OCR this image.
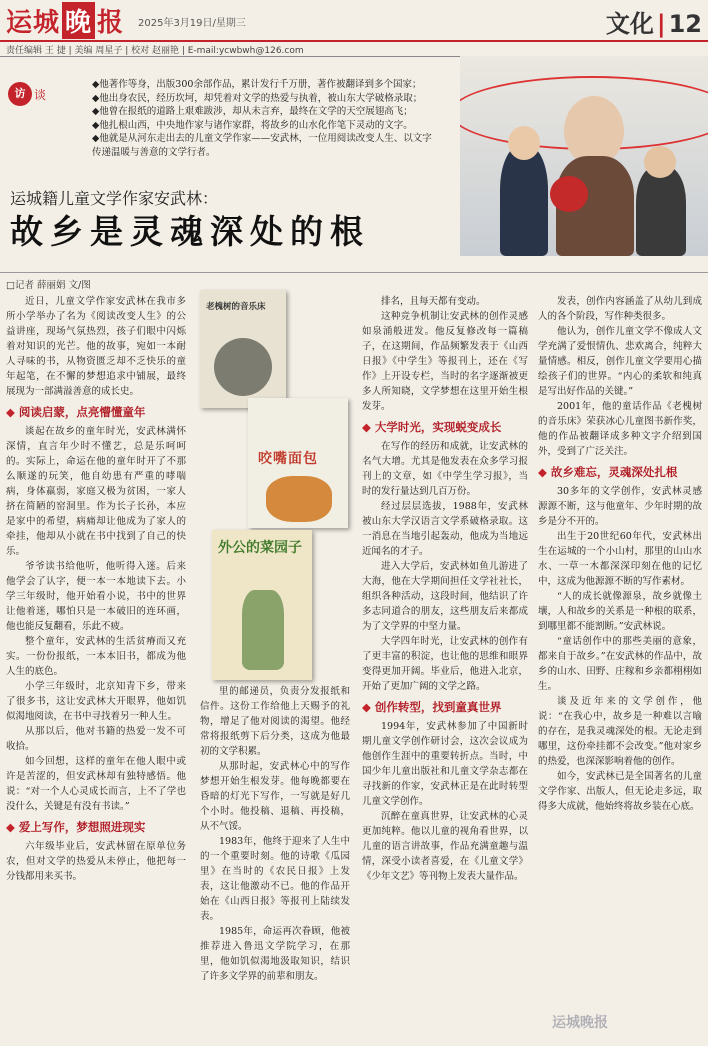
运城 晚 报 2025年3月19日/星期三	文化 | 12
责任编辑 王 捷 | 美编 周星子 | 校对 赵丽艳 | E-mail:ycwbwh@126.com
访 谈
◆他著作等身，出版300余部作品，累计发行千万册，著作被翻译到多个国家；
◆他出身农民，经历坎坷，却凭着对文学的热爱与执着，被山东大学破格录取；
◆他曾在报纸的道路上艰难跋涉，却从未言弃，最终在文学的天空展翅高飞；
◆他扎根山西，中央地作家与诸作家群，将故乡的山水化作笔下灵动的文字。
◆他就是从河东走出去的儿童文学作家——安武林，一位用阅读改变人生、以文字
传递温暖与善意的文学行者。
运城籍儿童文学作家安武林：
故乡是灵魂深处的根
□记者 薛丽娟 文/图

近日，儿童文学作家安武林在我市多所小学举办了名为《阅读改变人生》的公益讲座，现场气氛热烈，孩子们眼中闪烁着对知识的光芒。他的故事，宛如一本耐人寻味的书，从物资匮乏却不乏快乐的童年起笔，在不懈的梦想追求中铺展，最终展现为一部满溢善意的成长史。

◆ 阅读启蒙，点亮懵懂童年

谈起在故乡的童年时光，安武林满怀深情，直言年少时不懂艺，总是乐呵呵的。实际上，命运在他的童年时开了不那么顺遂的玩笑，他自幼患有严重的哮喘病，身体羸弱，家庭又极为贫困，一家人挤在简陋的窑洞里。作为长子长孙，本应是家中的希望，病痛却让他成为了家人的牵挂，他却从小就在书中找到了自己的快乐。

爷爷读书给他听，他听得入迷。后来他学会了认字，便一本一本地读下去。小学三年级时，他开始看小说，书中的世界让他着迷，哪怕只是一本破旧的连环画，他也能反复翻看，乐此不疲。

整个童年，安武林的生活贫瘠而又充实。一份份报纸，一本本旧书，都成为他人生的底色。

小学三年级时，北京知青下乡，带来了很多书，这让安武林大开眼界，他如饥似渴地阅读，在书中寻找着另一种人生。

从那以后，他对书籍的热爱一发不可收拾。

如今回想，这样的童年在他人眼中或许是苦涩的，但安武林却有独特感悟。他说：“对一个人心灵成长而言，上不了学也没什么，关键是有没有书读。”

◆ 爱上写作，梦想照进现实

六年级毕业后，安武林留在原单位务农，但对文学的热爱从未停止，他把每一分钱都用来买书。

老槐树的音乐床
咬嘴面包
外公的菜园子

里的邮递员，负责分发报纸和信件。这份工作给他上天赐予的礼物，增足了他对阅读的渴望。他经常将报纸剪下后分类，这成为他最初的文学积累。

从那时起，安武林心中的写作梦想开始生根发芽。他每晚都要在昏暗的灯光下写作，一写就是好几个小时。他投稿、退稿、再投稿，从不气馁。

1983年，他终于迎来了人生中的一个重要时刻。他的诗歌《瓜园里》在当时的《农民日报》上发表，这让他激动不已。他的作品开始在《山西日报》等报刊上陆续发表。

1985年，命运再次眷顾，他被推荐进入鲁迅文学院学习，在那里，他如饥似渴地汲取知识，结识了许多文学界的前辈和朋友。

排名，且每天都有变动。

这种竞争机制让安武林的创作灵感如泉涌般迸发。他反复修改每一篇稿子，在这期间，作品频繁发表于《山西日报》《中学生》等报刊上，还在《写作》上开设专栏，当时的名字逐渐被更多人所知晓，文学梦想在这里开始生根发芽。

◆ 大学时光，实现蜕变成长

在写作的经历和成就，让安武林的名气大增。尤其是他发表在众多学习报刊上的文章，如《中学生学习报》，当时的发行量达到几百万份。

经过层层选拔，1988年，安武林被山东大学汉语言文学系破格录取。这一消息在当地引起轰动，他成为当地远近闻名的才子。

进入大学后，安武林如鱼儿游进了大海，他在大学期间担任文学社社长，组织各种活动，这段时间，他结识了许多志同道合的朋友，这些朋友后来都成为了文学界的中坚力量。

大学四年时光，让安武林的创作有了更丰富的积淀，也让他的思维和眼界变得更加开阔。毕业后，他进入北京，开始了更加广阔的文学之路。

◆ 创作转型，找到童真世界

1994年，安武林参加了中国新时期儿童文学创作研讨会，这次会议成为他创作生涯中的重要转折点。当时，中国少年儿童出版社和儿童文学杂志都在寻找新的作家，安武林正是在此时转型儿童文学创作。

沉醉在童真世界，让安武林的心灵更加纯粹。他以儿童的视角看世界，以儿童的语言讲故事，作品充满童趣与温情，深受小读者喜爱，在《儿童文学》《少年文艺》等刊物上发表大量作品。

发表，创作内容涵盖了从幼儿到成人的各个阶段，写作种类很多。

他认为，创作儿童文学不像成人文学充满了爱恨情仇、悲欢离合，纯粹大量情感。相反，创作儿童文学要用心描绘孩子们的世界。“内心的柔软和纯真是写出好作品的关键。”

2001年，他的童话作品《老槐树的音乐床》荣获冰心儿童图书新作奖，他的作品被翻译成多种文字介绍到国外，受到了广泛关注。

◆ 故乡难忘，灵魂深处扎根

30多年的文学创作，安武林灵感源源不断，这与他童年、少年时期的故乡是分不开的。

出生于20世纪60年代，安武林出生在运城的一个小山村，那里的山山水水、一草一木都深深印刻在他的记忆中，这成为他源源不断的写作素材。

“人的成长就像源泉，故乡就像土壤，人和故乡的关系是一种根的联系，到哪里都不能割断。”安武林说。

“童话创作中的那些美丽的意象，都来自于故乡。”在安武林的作品中，故乡的山水、田野、庄稼和乡亲都栩栩如生。

谈及近年来的文学创作，他说：“在我心中，故乡是一种难以言喻的存在，是我灵魂深处的根。无论走到哪里，这份牵挂都不会改变。”他对家乡的热爱，也深深影响着他的创作。

如今，安武林已是全国著名的儿童文学作家、出版人，但无论走多远，取得多大成就，他始终将故乡装在心底。

运城晚报
